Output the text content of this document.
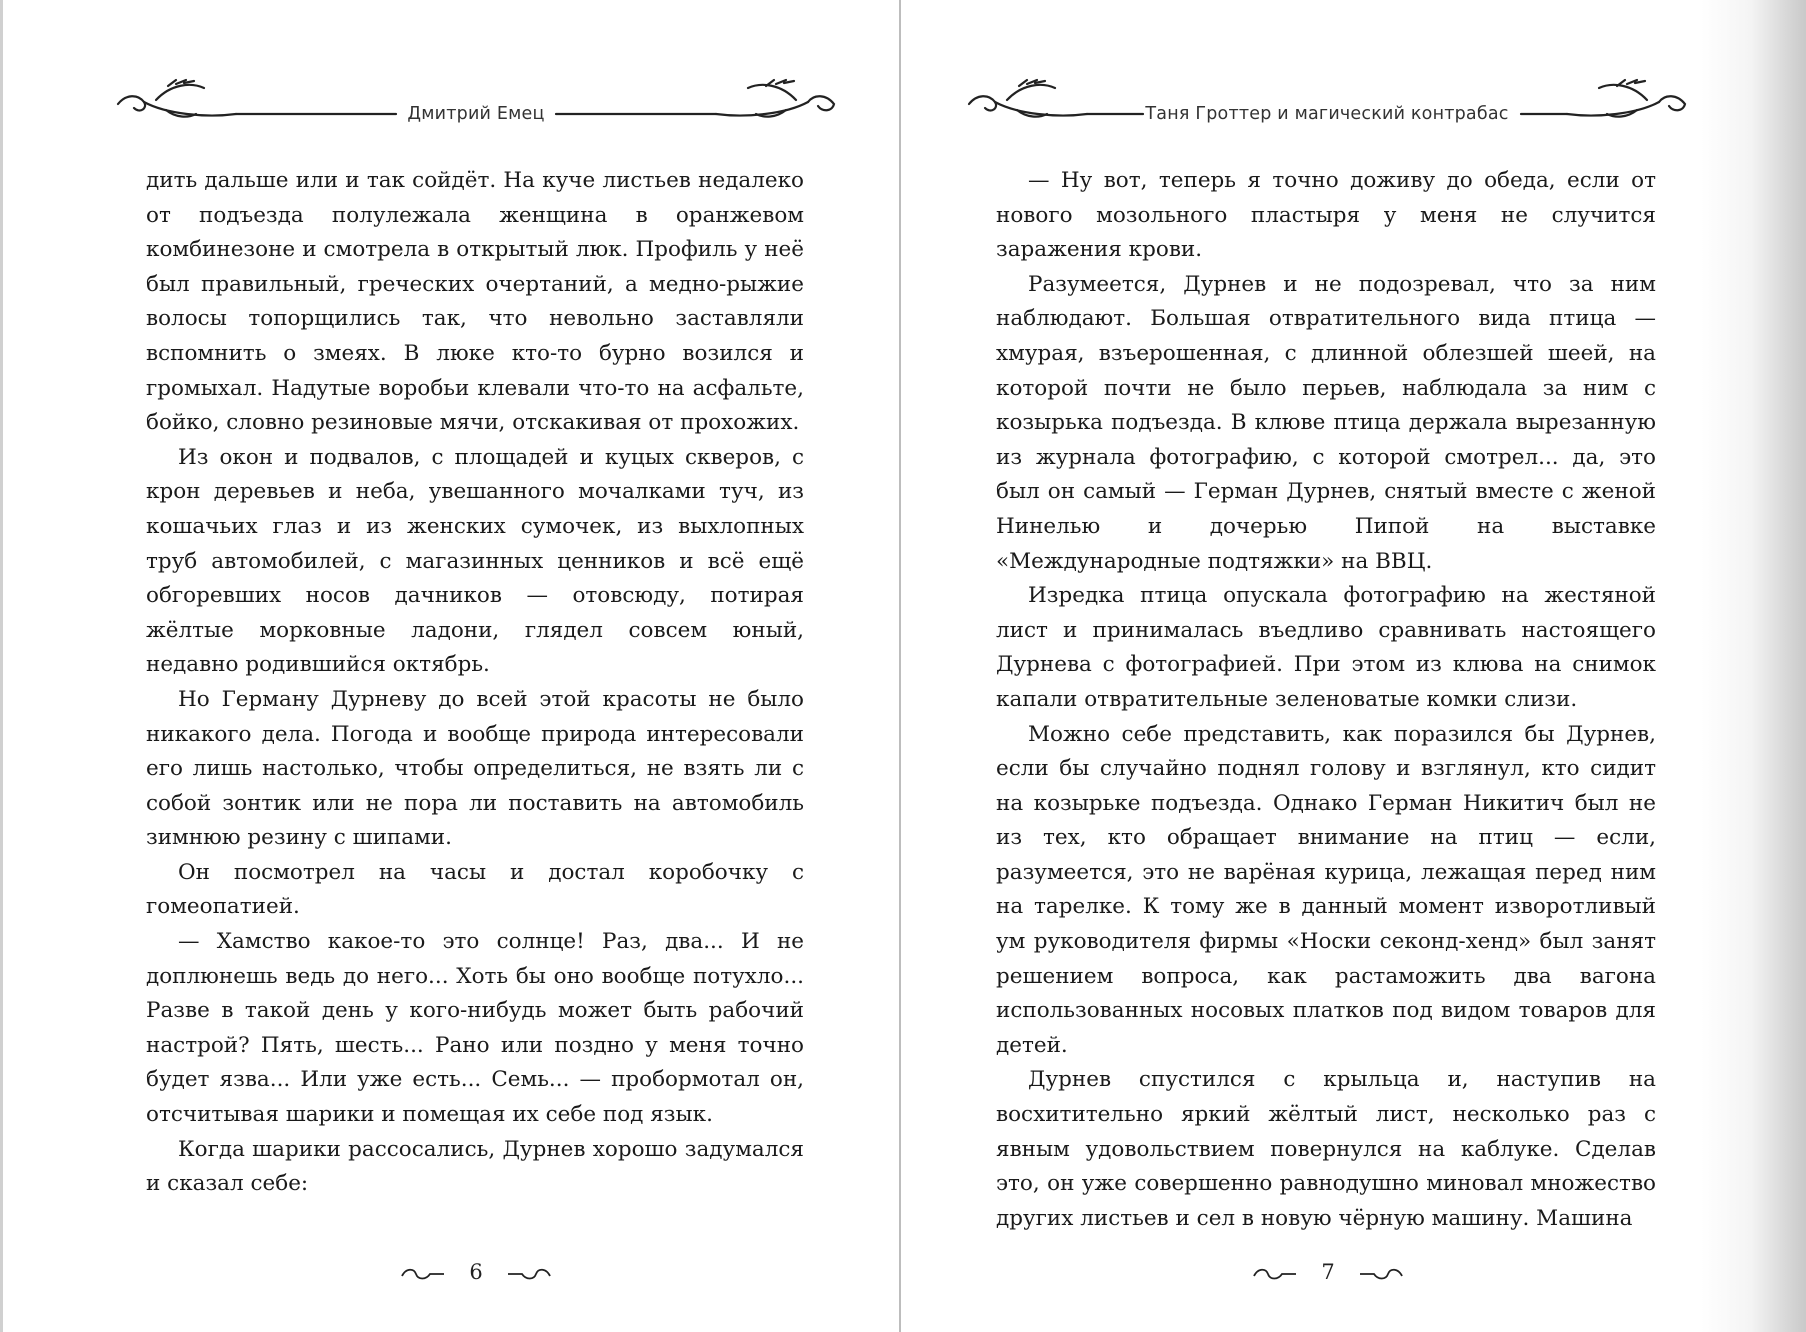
Дмитрий Емец

дить дальше или и так сойдёт. На куче листьев недалеко от подъезда полулежала женщина в оранжевом комбинезоне и смотрела в открытый люк. Профиль у неё был правильный, греческих очертаний, а медно-рыжие волосы топорщились так, что невольно заставляли вспомнить о змеях. В люке кто-то бурно возился и громыхал. Надутые воробьи клевали что-то на асфальте, бойко, словно резиновые мячи, отскакивая от прохожих.

Из окон и подвалов, с площадей и куцых скверов, с крон деревьев и неба, увешанного мочалками туч, из кошачьих глаз и из женских сумочек, из выхлопных труб автомобилей, с магазинных ценников и всё ещё обгоревших носов дачников — отовсюду, потирая жёлтые морковные ладони, глядел совсем юный, недавно родившийся октябрь.

Но Герману Дурневу до всей этой красоты не было никакого дела. Погода и вообще природа интересовали его лишь настолько, чтобы определиться, не взять ли с собой зонтик или не пора ли поставить на автомобиль зимнюю резину с шипами.

Он посмотрел на часы и достал коробочку с гомеопатией.

— Хамство какое-то это солнце! Раз, два... И не доплюнешь ведь до него... Хоть бы оно вообще потухло... Разве в такой день у кого-нибудь может быть рабочий настрой? Пять, шесть... Рано или поздно у меня точно будет язва... Или уже есть... Семь... — пробормотал он, отсчитывая шарики и помещая их себе под язык.

Когда шарики рассосались, Дурнев хорошо задумался и сказал себе:

6
Таня Гроттер и магический контрабас

— Ну вот, теперь я точно доживу до обеда, если от нового мозольного пластыря у меня не случится заражения крови.

Разумеется, Дурнев и не подозревал, что за ним наблюдают. Большая отвратительного вида птица — хмурая, взъерошенная, с длинной облезшей шеей, на которой почти не было перьев, наблюдала за ним с козырька подъезда. В клюве птица держала вырезанную из журнала фотографию, с которой смотрел... да, это был он самый — Герман Дурнев, снятый вместе с женой Нинелью и дочерью Пипой на выставке «Международные подтяжки» на ВВЦ.

Изредка птица опускала фотографию на жестяной лист и принималась въедливо сравнивать настоящего Дурнева с фотографией. При этом из клюва на снимок капали отвратительные зеленоватые комки слизи.

Можно себе представить, как поразился бы Дурнев, если бы случайно поднял голову и взглянул, кто сидит на козырьке подъезда. Однако Герман Никитич был не из тех, кто обращает внимание на птиц — если, разумеется, это не варёная курица, лежащая перед ним на тарелке. К тому же в данный момент изворотливый ум руководителя фирмы «Носки секонд-хенд» был занят решением вопроса, как растаможить два вагона использованных носовых платков под видом товаров для детей.

Дурнев спустился с крыльца и, наступив на восхитительно яркий жёлтый лист, несколько раз с явным удовольствием повернулся на каблуке. Сделав это, он уже совершенно равнодушно миновал множество других листьев и сел в новую чёрную машину. Машина

7
